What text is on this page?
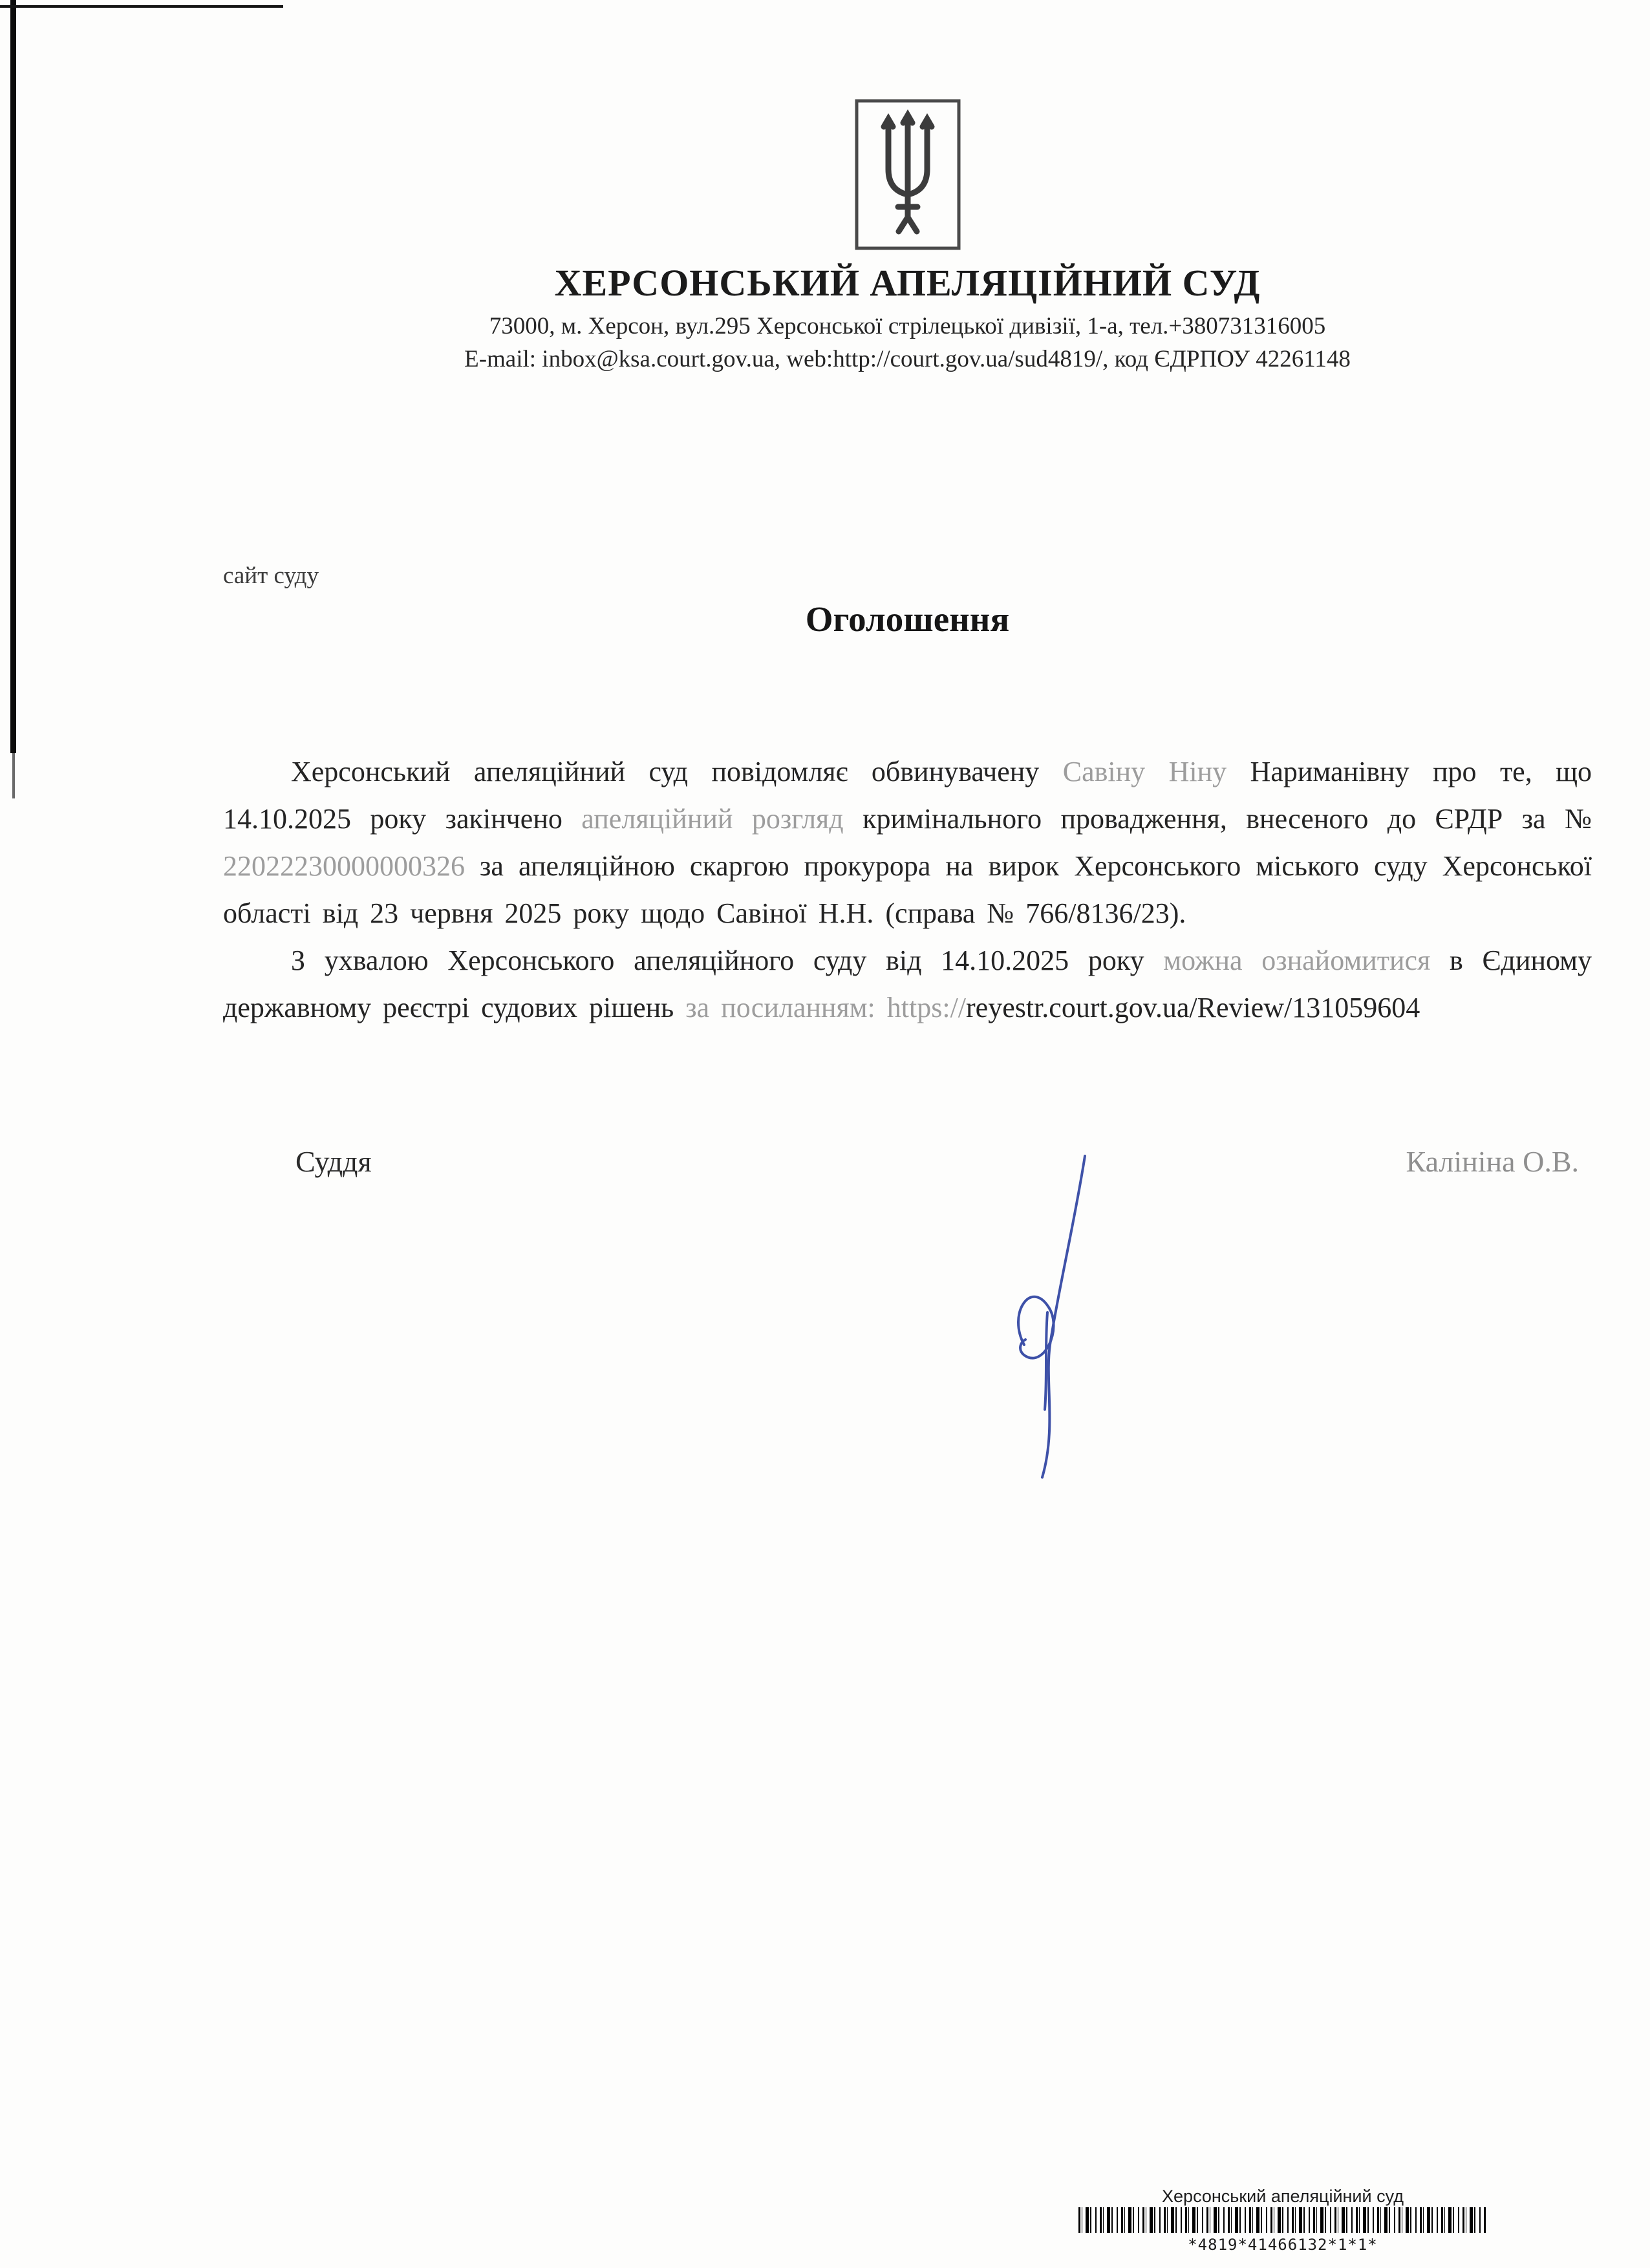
ХЕРСОНСЬКИЙ АПЕЛЯЦІЙНИЙ СУД
73000, м. Херсон, вул.295 Херсонської стрілецької дивізії, 1-а, тел.+380731316005
E-mail: inbox@ksa.court.gov.ua, web:http://court.gov.ua/sud4819/, код ЄДРПОУ 42261148
сайт суду
Оголошення

Херсонський апеляційний суд повідомляє обвинувачену Савіну Ніну Нариманівну про те, що 14.10.2025 року закінчено апеляційний розгляд кримінального провадження, внесеного до ЄРДР за № 22022230000000326 за апеляційною скаргою прокурора на вирок Херсонського міського суду Херсонської області від 23 червня 2025 року щодо Савіної Н.Н. (справа № 766/8136/23).

З ухвалою Херсонського апеляційного суду від 14.10.2025 року можна ознайомитися в Єдиному державному реєстрі судових рішень за посиланням: https://reyestr.court.gov.ua/Review/131059604

Суддя	Калініна О.В.
Херсонський апеляційний суд
*4819*41466132*1*1*
